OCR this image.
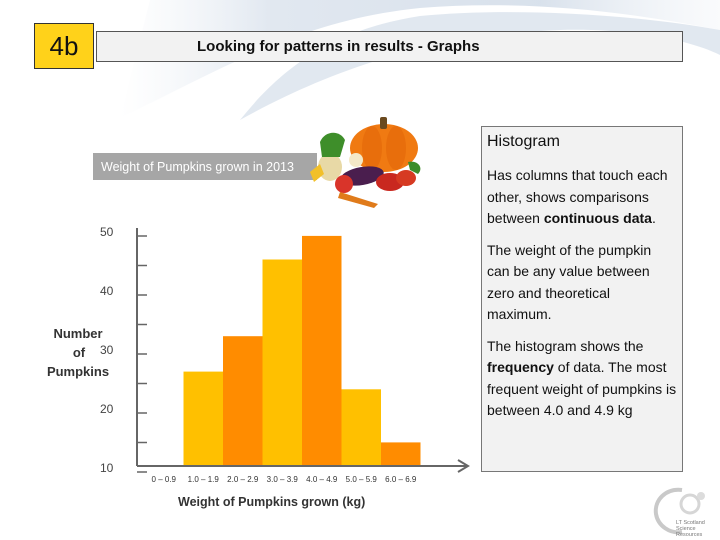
4b	Looking for patterns in results - Graphs
Weight of Pumpkins grown in 2013
50
40
30
20
10
0 – 0.9 1.0 – 1.9 2.0 – 2.9 3.0 – 3.9 4.0 – 4.9 5.0 – 5.9 6.0 – 6.9
Number
of
Pumpkins
Weight of Pumpkins grown (kg)
Histogram

Has columns that touch each other, shows comparisons between continuous data.

The weight of the pumpkin can be any value between zero and theoretical maximum.

The histogram shows the frequency of data. The most frequent weight of pumpkins is between 4.0 and 4.9 kg

LT Scotland Science Resources
